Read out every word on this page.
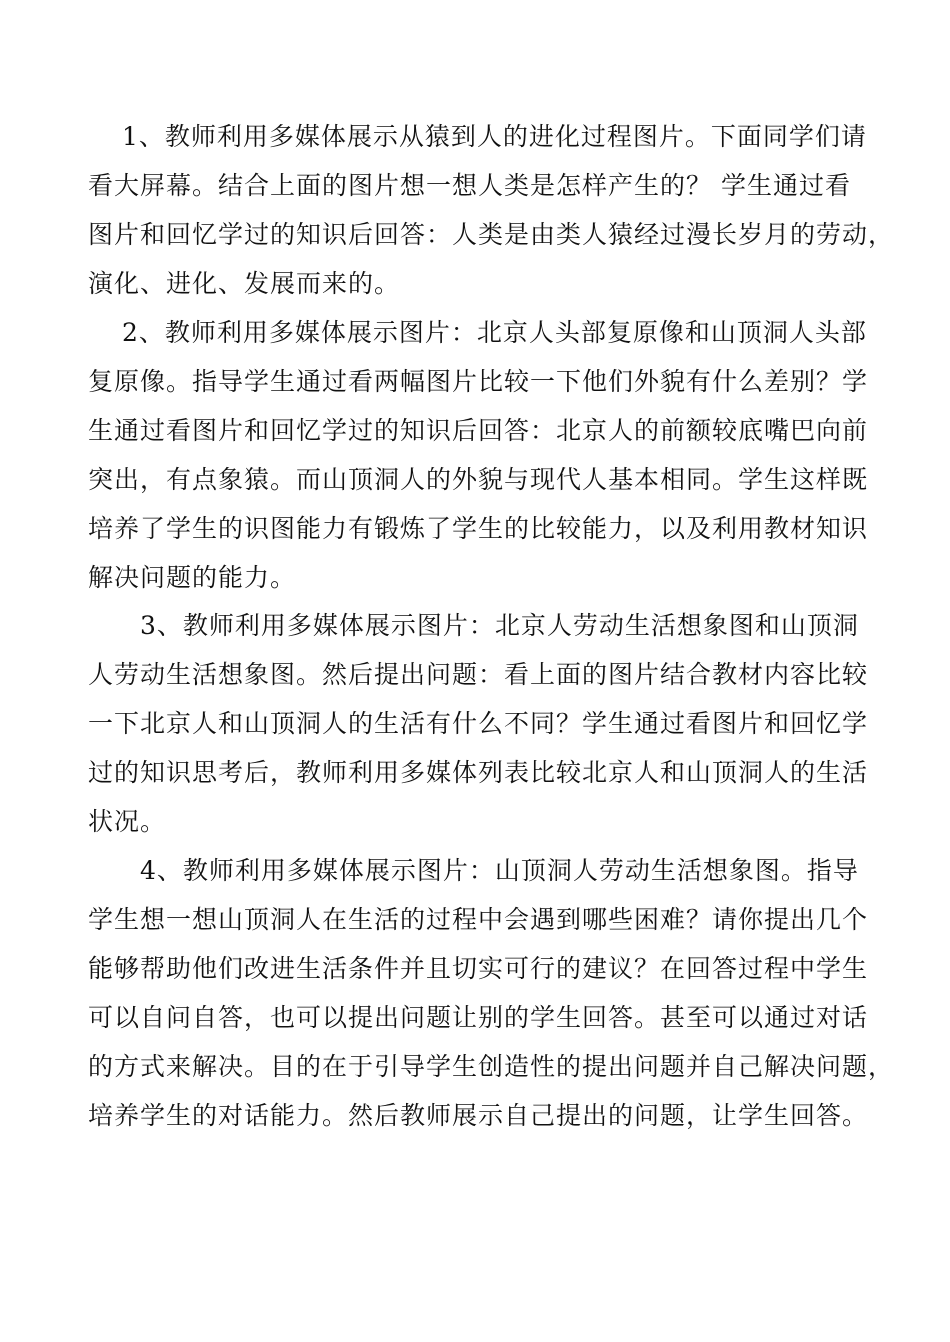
1、教师利用多媒体展示从猿到人的进化过程图片。下面同学们请
看大屏幕。结合上面的图片想一想人类是怎样产生的？ 学生通过看
图片和回忆学过的知识后回答：人类是由类人猿经过漫长岁月的劳动，
演化、进化、发展而来的。
2、教师利用多媒体展示图片：北京人头部复原像和山顶洞人头部
复原像。指导学生通过看两幅图片比较一下他们外貌有什么差别？学
生通过看图片和回忆学过的知识后回答：北京人的前额较底嘴巴向前
突出，有点象猿。而山顶洞人的外貌与现代人基本相同。学生这样既
培养了学生的识图能力有锻炼了学生的比较能力，以及利用教材知识
解决问题的能力。
3、教师利用多媒体展示图片：北京人劳动生活想象图和山顶洞
人劳动生活想象图。然后提出问题：看上面的图片结合教材内容比较
一下北京人和山顶洞人的生活有什么不同？学生通过看图片和回忆学
过的知识思考后，教师利用多媒体列表比较北京人和山顶洞人的生活
状况。
4、教师利用多媒体展示图片：山顶洞人劳动生活想象图。指导
学生想一想山顶洞人在生活的过程中会遇到哪些困难？请你提出几个
能够帮助他们改进生活条件并且切实可行的建议？在回答过程中学生
可以自问自答，也可以提出问题让别的学生回答。甚至可以通过对话
的方式来解决。目的在于引导学生创造性的提出问题并自己解决问题，
培养学生的对话能力。然后教师展示自己提出的问题，让学生回答。
